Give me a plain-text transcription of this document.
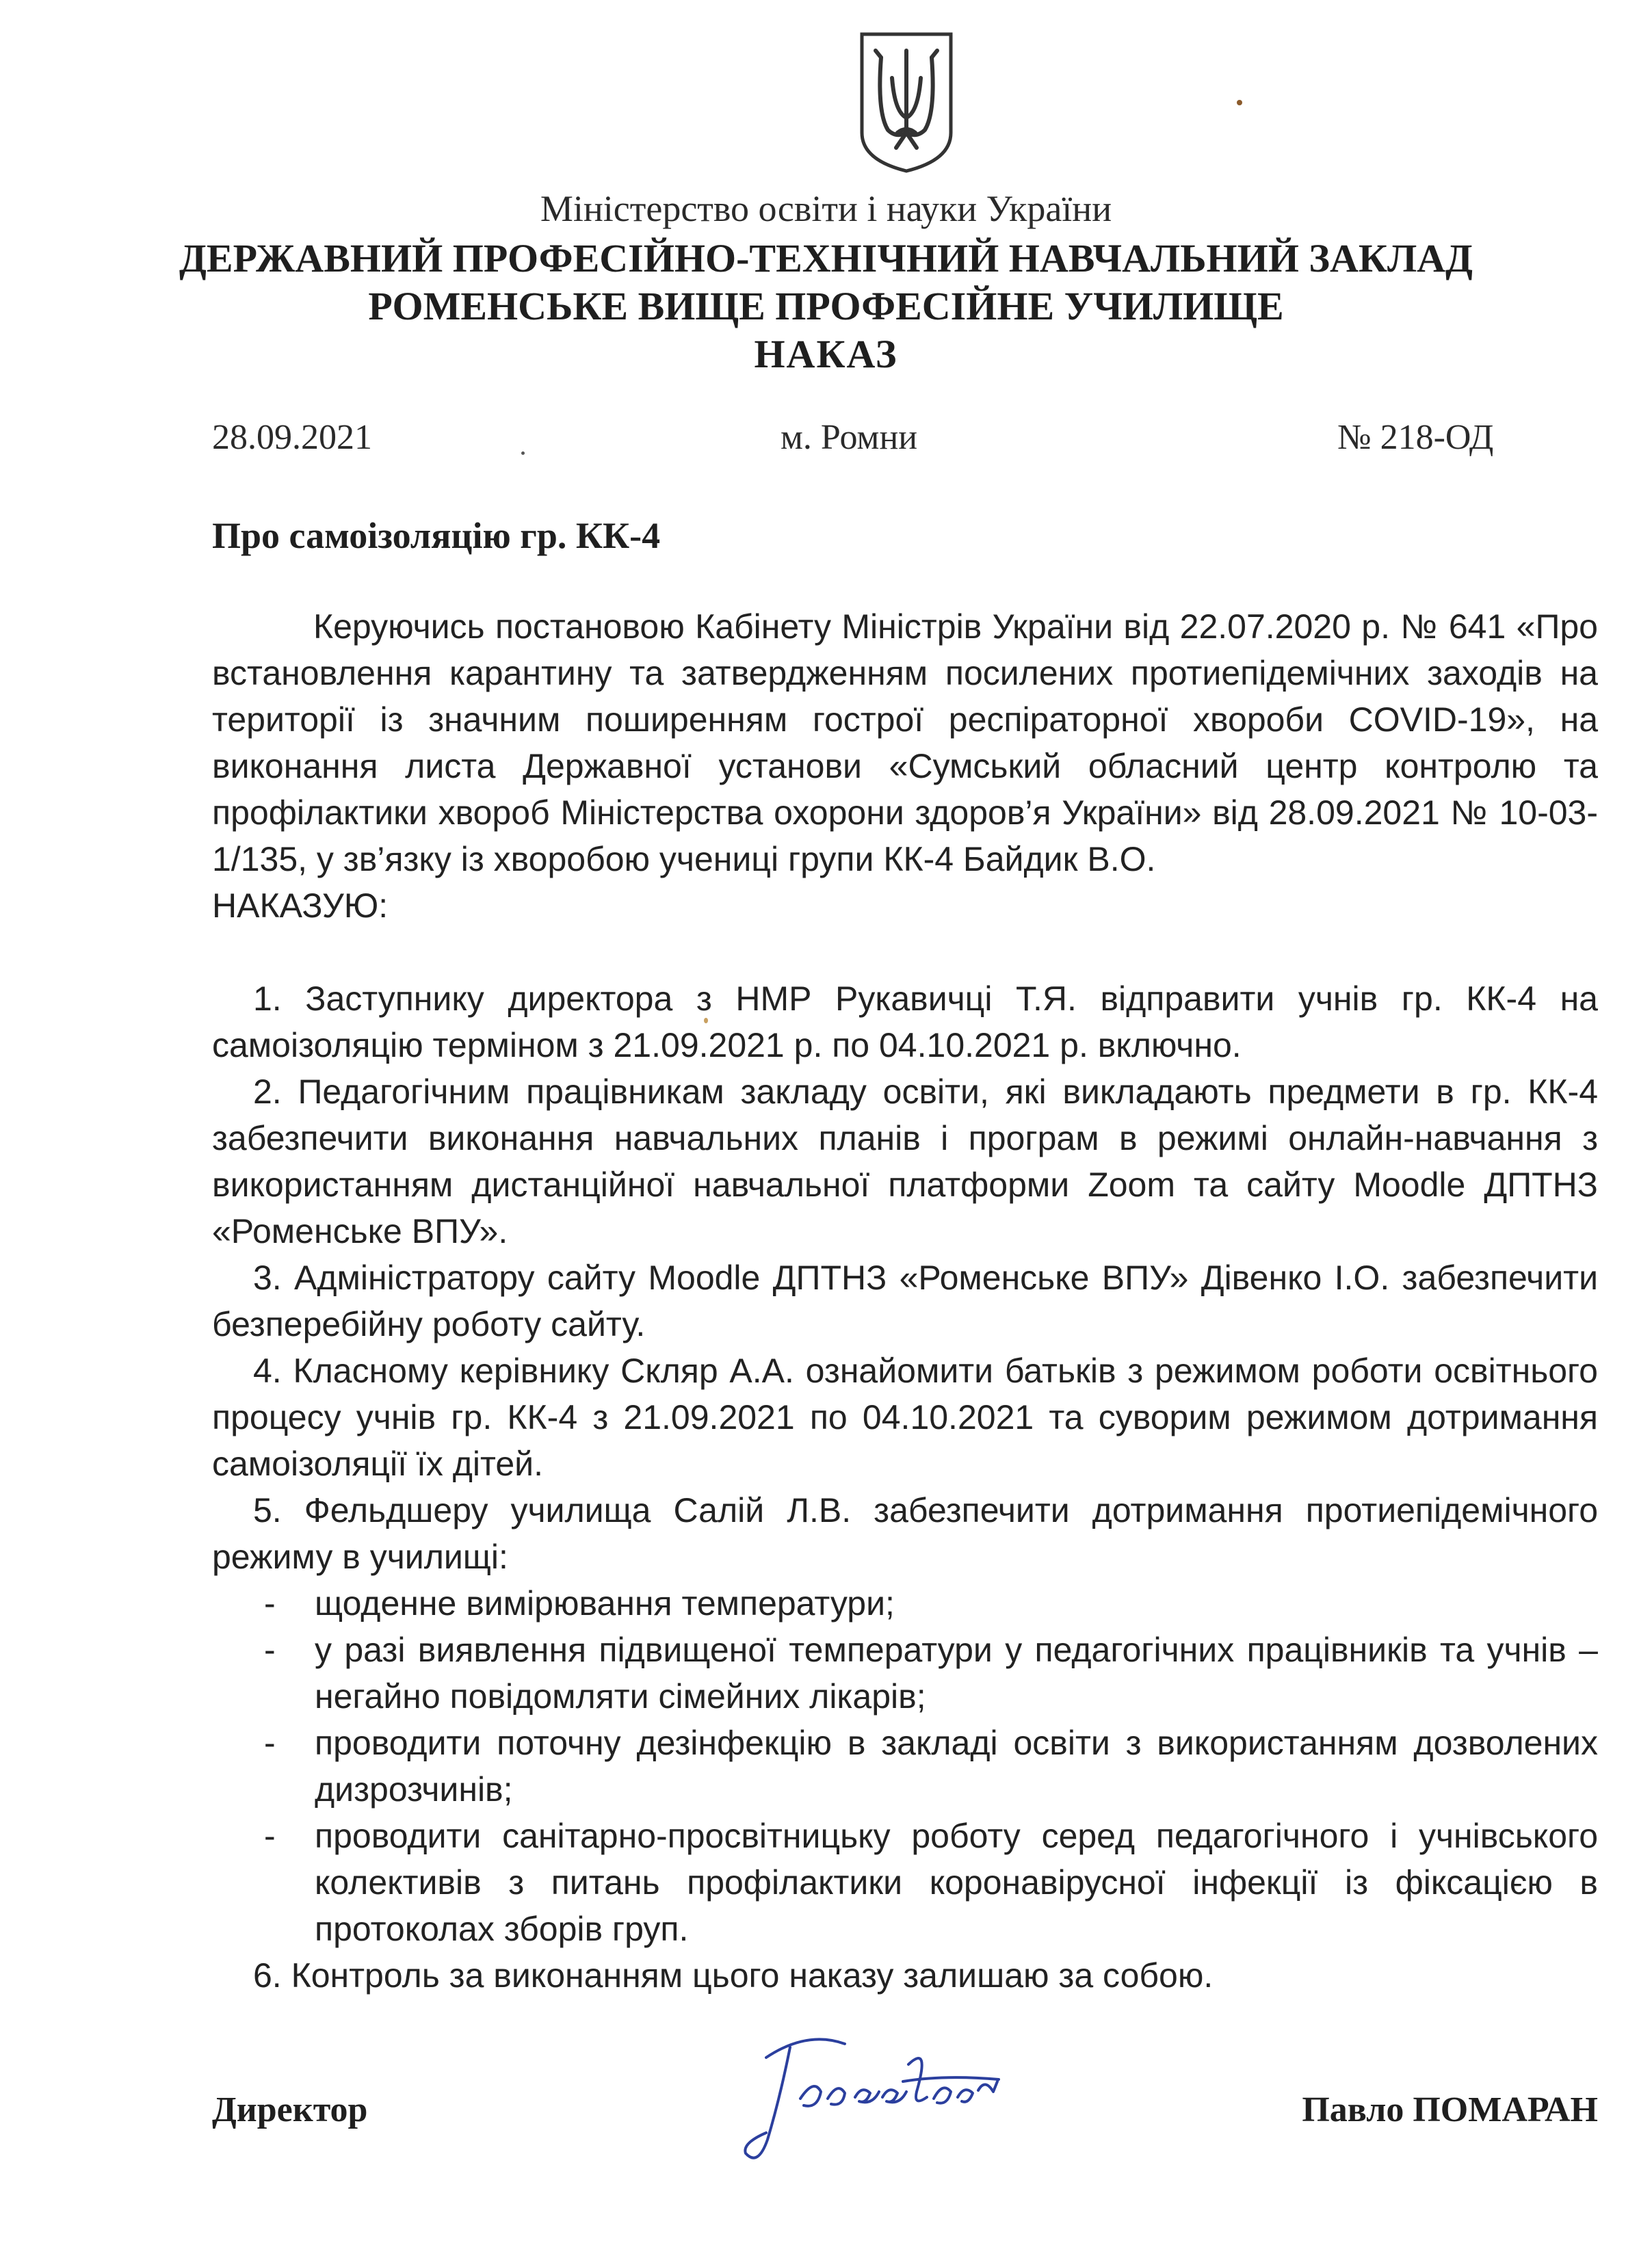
Міністерство освіти і науки України
ДЕРЖАВНИЙ ПРОФЕСІЙНО-ТЕХНІЧНИЙ НАВЧАЛЬНИЙ ЗАКЛАД
РОМЕНСЬКЕ ВИЩЕ ПРОФЕСІЙНЕ УЧИЛИЩЕ
НАКАЗ
28.09.2021	м. Ромни	№ 218-ОД
Про самоізоляцію гр. КК-4
Керуючись постановою Кабінету Міністрів України від 22.07.2020 р. № 641 «Про встановлення карантину та затвердженням посилених протиепідемічних заходів на території із значним поширенням гострої респіраторної хвороби COVID-19», на виконання листа Державної установи «Сумський обласний центр контролю та профілактики хвороб Міністерства охорони здоров’я України» від 28.09.2021 № 10-03-1/135, у зв’язку із хворобою учениці групи КК-4 Байдик В.О.
НАКАЗУЮ:
1. Заступнику директора з НМР Рукавичці Т.Я. відправити учнів гр. КК-4 на самоізоляцію терміном з 21.09.2021 р. по 04.10.2021 р. включно.
2. Педагогічним працівникам закладу освіти, які викладають предмети в гр. КК-4 забезпечити виконання навчальних планів і програм в режимі онлайн-навчання з використанням дистанційної навчальної платформи Zoom та сайту Moodle ДПТНЗ «Роменське ВПУ».
3. Адміністратору сайту Moodle ДПТНЗ «Роменське ВПУ» Дівенко І.О. забезпечити безперебійну роботу сайту.
4. Класному керівнику Скляр А.А. ознайомити батьків з режимом роботи освітнього процесу учнів гр. КК-4 з 21.09.2021 по 04.10.2021 та суворим режимом дотримання самоізоляції їх дітей.
5. Фельдшеру училища Салій Л.В. забезпечити дотримання протиепідемічного режиму в училищі:
- щоденне вимірювання температури;
- у разі виявлення підвищеної температури у педагогічних працівників та учнів – негайно повідомляти сімейних лікарів;
- проводити поточну дезінфекцію в закладі освіти з використанням дозволених дизрозчинів;
- проводити санітарно-просвітницьку роботу серед педагогічного і учнівського колективів з питань профілактики коронавірусної інфекції із фіксацією в протоколах зборів груп.
6. Контроль за виконанням цього наказу залишаю за собою.
Директор	Павло ПОМАРАН
